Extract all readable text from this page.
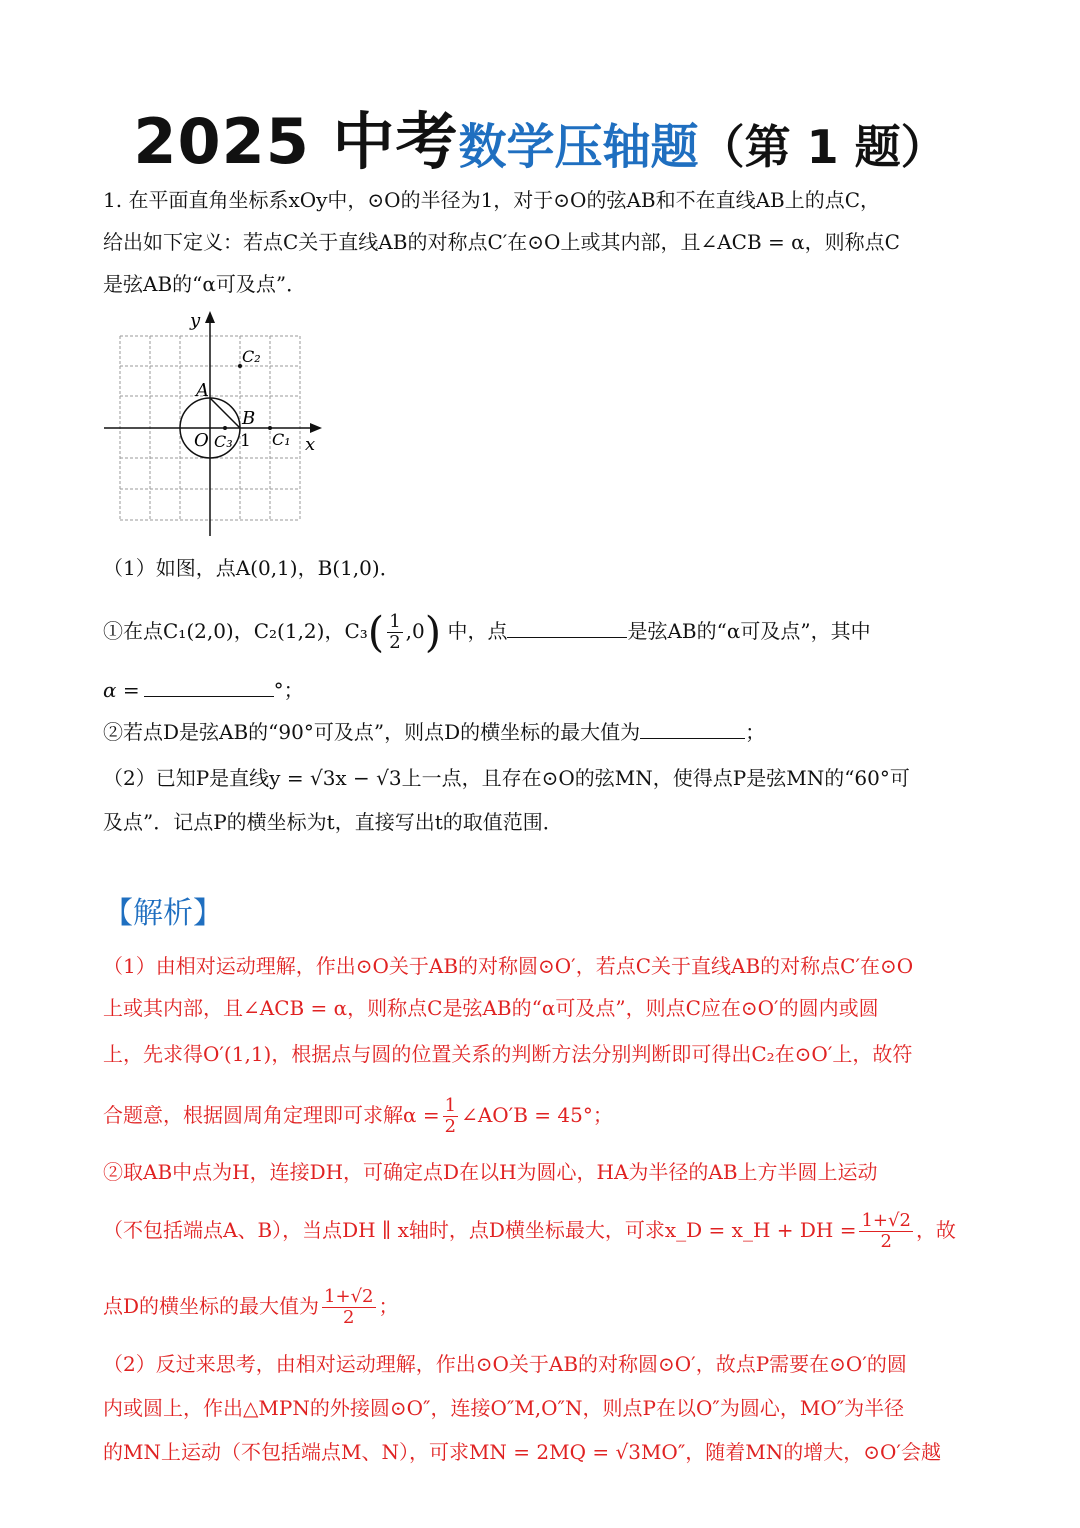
2025 中考数学压轴题（第 1 题）
1. 在平面直角坐标系xOy中，⊙O的半径为1，对于⊙O的弦AB和不在直线AB上的点C，
给出如下定义：若点C关于直线AB的对称点C′在⊙O上或其内部，且∠ACB = α，则称点C
是弦AB的“α可及点”．
y
x
A
B
O C₃ 1 C₁
C₂
（1）如图，点A(0,1)，B(1,0)．
①在点C₁(2,0)，C₂(1,2)，$C_3( \frac{1}{2} ,0)$ 中，点	是弦AB的“α可及点”，其中
α =	°；
②若点D是弦AB的“90°可及点”，则点D的横坐标的最大值为	；
（2）已知P是直线y = √3x − √3上一点，且存在⊙O的弦MN，使得点P是弦MN的“60°可
及点”．记点P的横坐标为t，直接写出t的取值范围．
【解析】
（1）由相对运动理解，作出⊙O关于AB的对称圆⊙O′，若点C关于直线AB的对称点C′在⊙O
上或其内部，且∠ACB = α，则称点C是弦AB的“α可及点”，则点C应在⊙O′的圆内或圆
上，先求得O′(1,1)，根据点与圆的位置关系的判断方法分别判断即可得出C₂在⊙O′上，故符
合题意，根据圆周角定理即可求解$\alpha = \frac{1}{2}$ ∠AO′B = 45°；
②取AB中点为H，连接DH，可确定点D在以H为圆心，HA为半径的AB上方半圆上运动
（不包括端点A、B），当点DH ∥ x轴时，点D横坐标最大，可求x_D = x_H + DH = $\frac{1+√2}{2}$ ，故
点D的横坐标的最大值为 $\frac{1+√2}{2}$ ；
（2）反过来思考，由相对运动理解，作出⊙O关于AB的对称圆⊙O′，故点P需要在⊙O′的圆
内或圆上，作出△MPN的外接圆⊙O″，连接O″M,O″N，则点P在以O″为圆心，MO″为半径
的MN上运动（不包括端点M、N），可求MN = 2MQ = √3MO″，随着MN的增大，⊙O′会越
